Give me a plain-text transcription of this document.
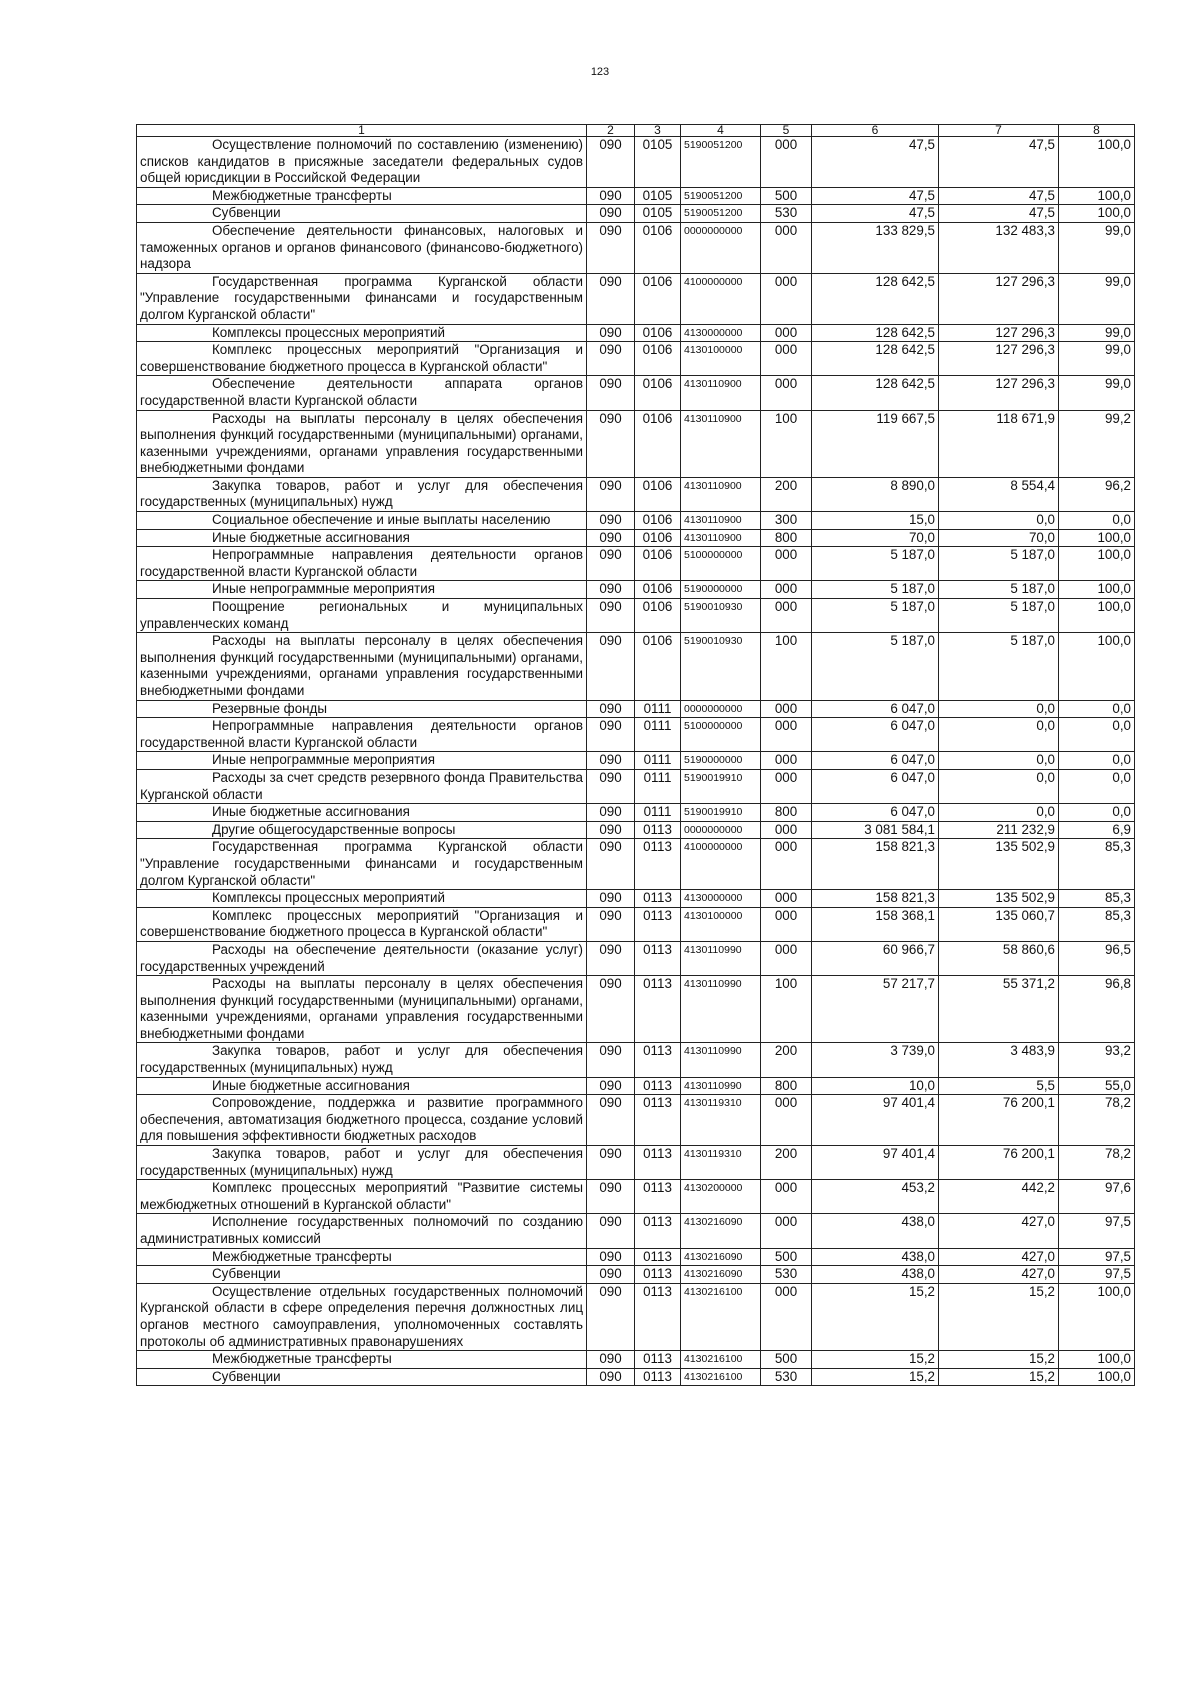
123
1	2	3	4	5	6	7	8

Осуществление полномочий по составлению (изменению) списков кандидатов в присяжные заседатели федеральных судов общей юрисдикции в Российской Федерации	090	0105	5190051200	000	47,5	47,5	100,0

Межбюджетные трансферты	090	0105	5190051200	500	47,5	47,5	100,0

Субвенции	090	0105	5190051200	530	47,5	47,5	100,0

Обеспечение деятельности финансовых, налоговых и таможенных органов и органов финансового (финансово-бюджетного) надзора	090	0106	0000000000	000	133 829,5	132 483,3	99,0

Государственная программа Курганской области "Управление государственными финансами и государственным долгом Курганской области"	090	0106	4100000000	000	128 642,5	127 296,3	99,0

Комплексы процессных мероприятий	090	0106	4130000000	000	128 642,5	127 296,3	99,0

Комплекс процессных мероприятий "Организация и совершенствование бюджетного процесса в Курганской области"	090	0106	4130100000	000	128 642,5	127 296,3	99,0

Обеспечение деятельности аппарата органов государственной власти Курганской области	090	0106	4130110900	000	128 642,5	127 296,3	99,0

Расходы на выплаты персоналу в целях обеспечения выполнения функций государственными (муниципальными) органами, казенными учреждениями, органами управления государственными внебюджетными фондами	090	0106	4130110900	100	119 667,5	118 671,9	99,2

Закупка товаров, работ и услуг для обеспечения государственных (муниципальных) нужд	090	0106	4130110900	200	8 890,0	8 554,4	96,2

Социальное обеспечение и иные выплаты населению	090	0106	4130110900	300	15,0	0,0	0,0

Иные бюджетные ассигнования	090	0106	4130110900	800	70,0	70,0	100,0

Непрограммные направления деятельности органов государственной власти Курганской области	090	0106	5100000000	000	5 187,0	5 187,0	100,0

Иные непрограммные мероприятия	090	0106	5190000000	000	5 187,0	5 187,0	100,0

Поощрение региональных и муниципальных управленческих команд	090	0106	5190010930	000	5 187,0	5 187,0	100,0

Расходы на выплаты персоналу в целях обеспечения выполнения функций государственными (муниципальными) органами, казенными учреждениями, органами управления государственными внебюджетными фондами	090	0106	5190010930	100	5 187,0	5 187,0	100,0

Резервные фонды	090	0111	0000000000	000	6 047,0	0,0	0,0

Непрограммные направления деятельности органов государственной власти Курганской области	090	0111	5100000000	000	6 047,0	0,0	0,0

Иные непрограммные мероприятия	090	0111	5190000000	000	6 047,0	0,0	0,0

Расходы за счет средств резервного фонда Правительства Курганской области	090	0111	5190019910	000	6 047,0	0,0	0,0

Иные бюджетные ассигнования	090	0111	5190019910	800	6 047,0	0,0	0,0

Другие общегосударственные вопросы	090	0113	0000000000	000	3 081 584,1	211 232,9	6,9

Государственная программа Курганской области "Управление государственными финансами и государственным долгом Курганской области"	090	0113	4100000000	000	158 821,3	135 502,9	85,3

Комплексы процессных мероприятий	090	0113	4130000000	000	158 821,3	135 502,9	85,3

Комплекс процессных мероприятий "Организация и совершенствование бюджетного процесса в Курганской области"	090	0113	4130100000	000	158 368,1	135 060,7	85,3

Расходы на обеспечение деятельности (оказание услуг) государственных учреждений	090	0113	4130110990	000	60 966,7	58 860,6	96,5

Расходы на выплаты персоналу в целях обеспечения выполнения функций государственными (муниципальными) органами, казенными учреждениями, органами управления государственными внебюджетными фондами	090	0113	4130110990	100	57 217,7	55 371,2	96,8

Закупка товаров, работ и услуг для обеспечения государственных (муниципальных) нужд	090	0113	4130110990	200	3 739,0	3 483,9	93,2

Иные бюджетные ассигнования	090	0113	4130110990	800	10,0	5,5	55,0

Сопровождение, поддержка и развитие программного обеспечения, автоматизация бюджетного процесса, создание условий для повышения эффективности бюджетных расходов	090	0113	4130119310	000	97 401,4	76 200,1	78,2

Закупка товаров, работ и услуг для обеспечения государственных (муниципальных) нужд	090	0113	4130119310	200	97 401,4	76 200,1	78,2

Комплекс процессных мероприятий "Развитие системы межбюджетных отношений в Курганской области"	090	0113	4130200000	000	453,2	442,2	97,6

Исполнение государственных полномочий по созданию административных комиссий	090	0113	4130216090	000	438,0	427,0	97,5

Межбюджетные трансферты	090	0113	4130216090	500	438,0	427,0	97,5

Субвенции	090	0113	4130216090	530	438,0	427,0	97,5

Осуществление отдельных государственных полномочий Курганской области в сфере определения перечня должностных лиц органов местного самоуправления, уполномоченных составлять протоколы об административных правонарушениях	090	0113	4130216100	000	15,2	15,2	100,0

Межбюджетные трансферты	090	0113	4130216100	500	15,2	15,2	100,0

Субвенции	090	0113	4130216100	530	15,2	15,2	100,0
